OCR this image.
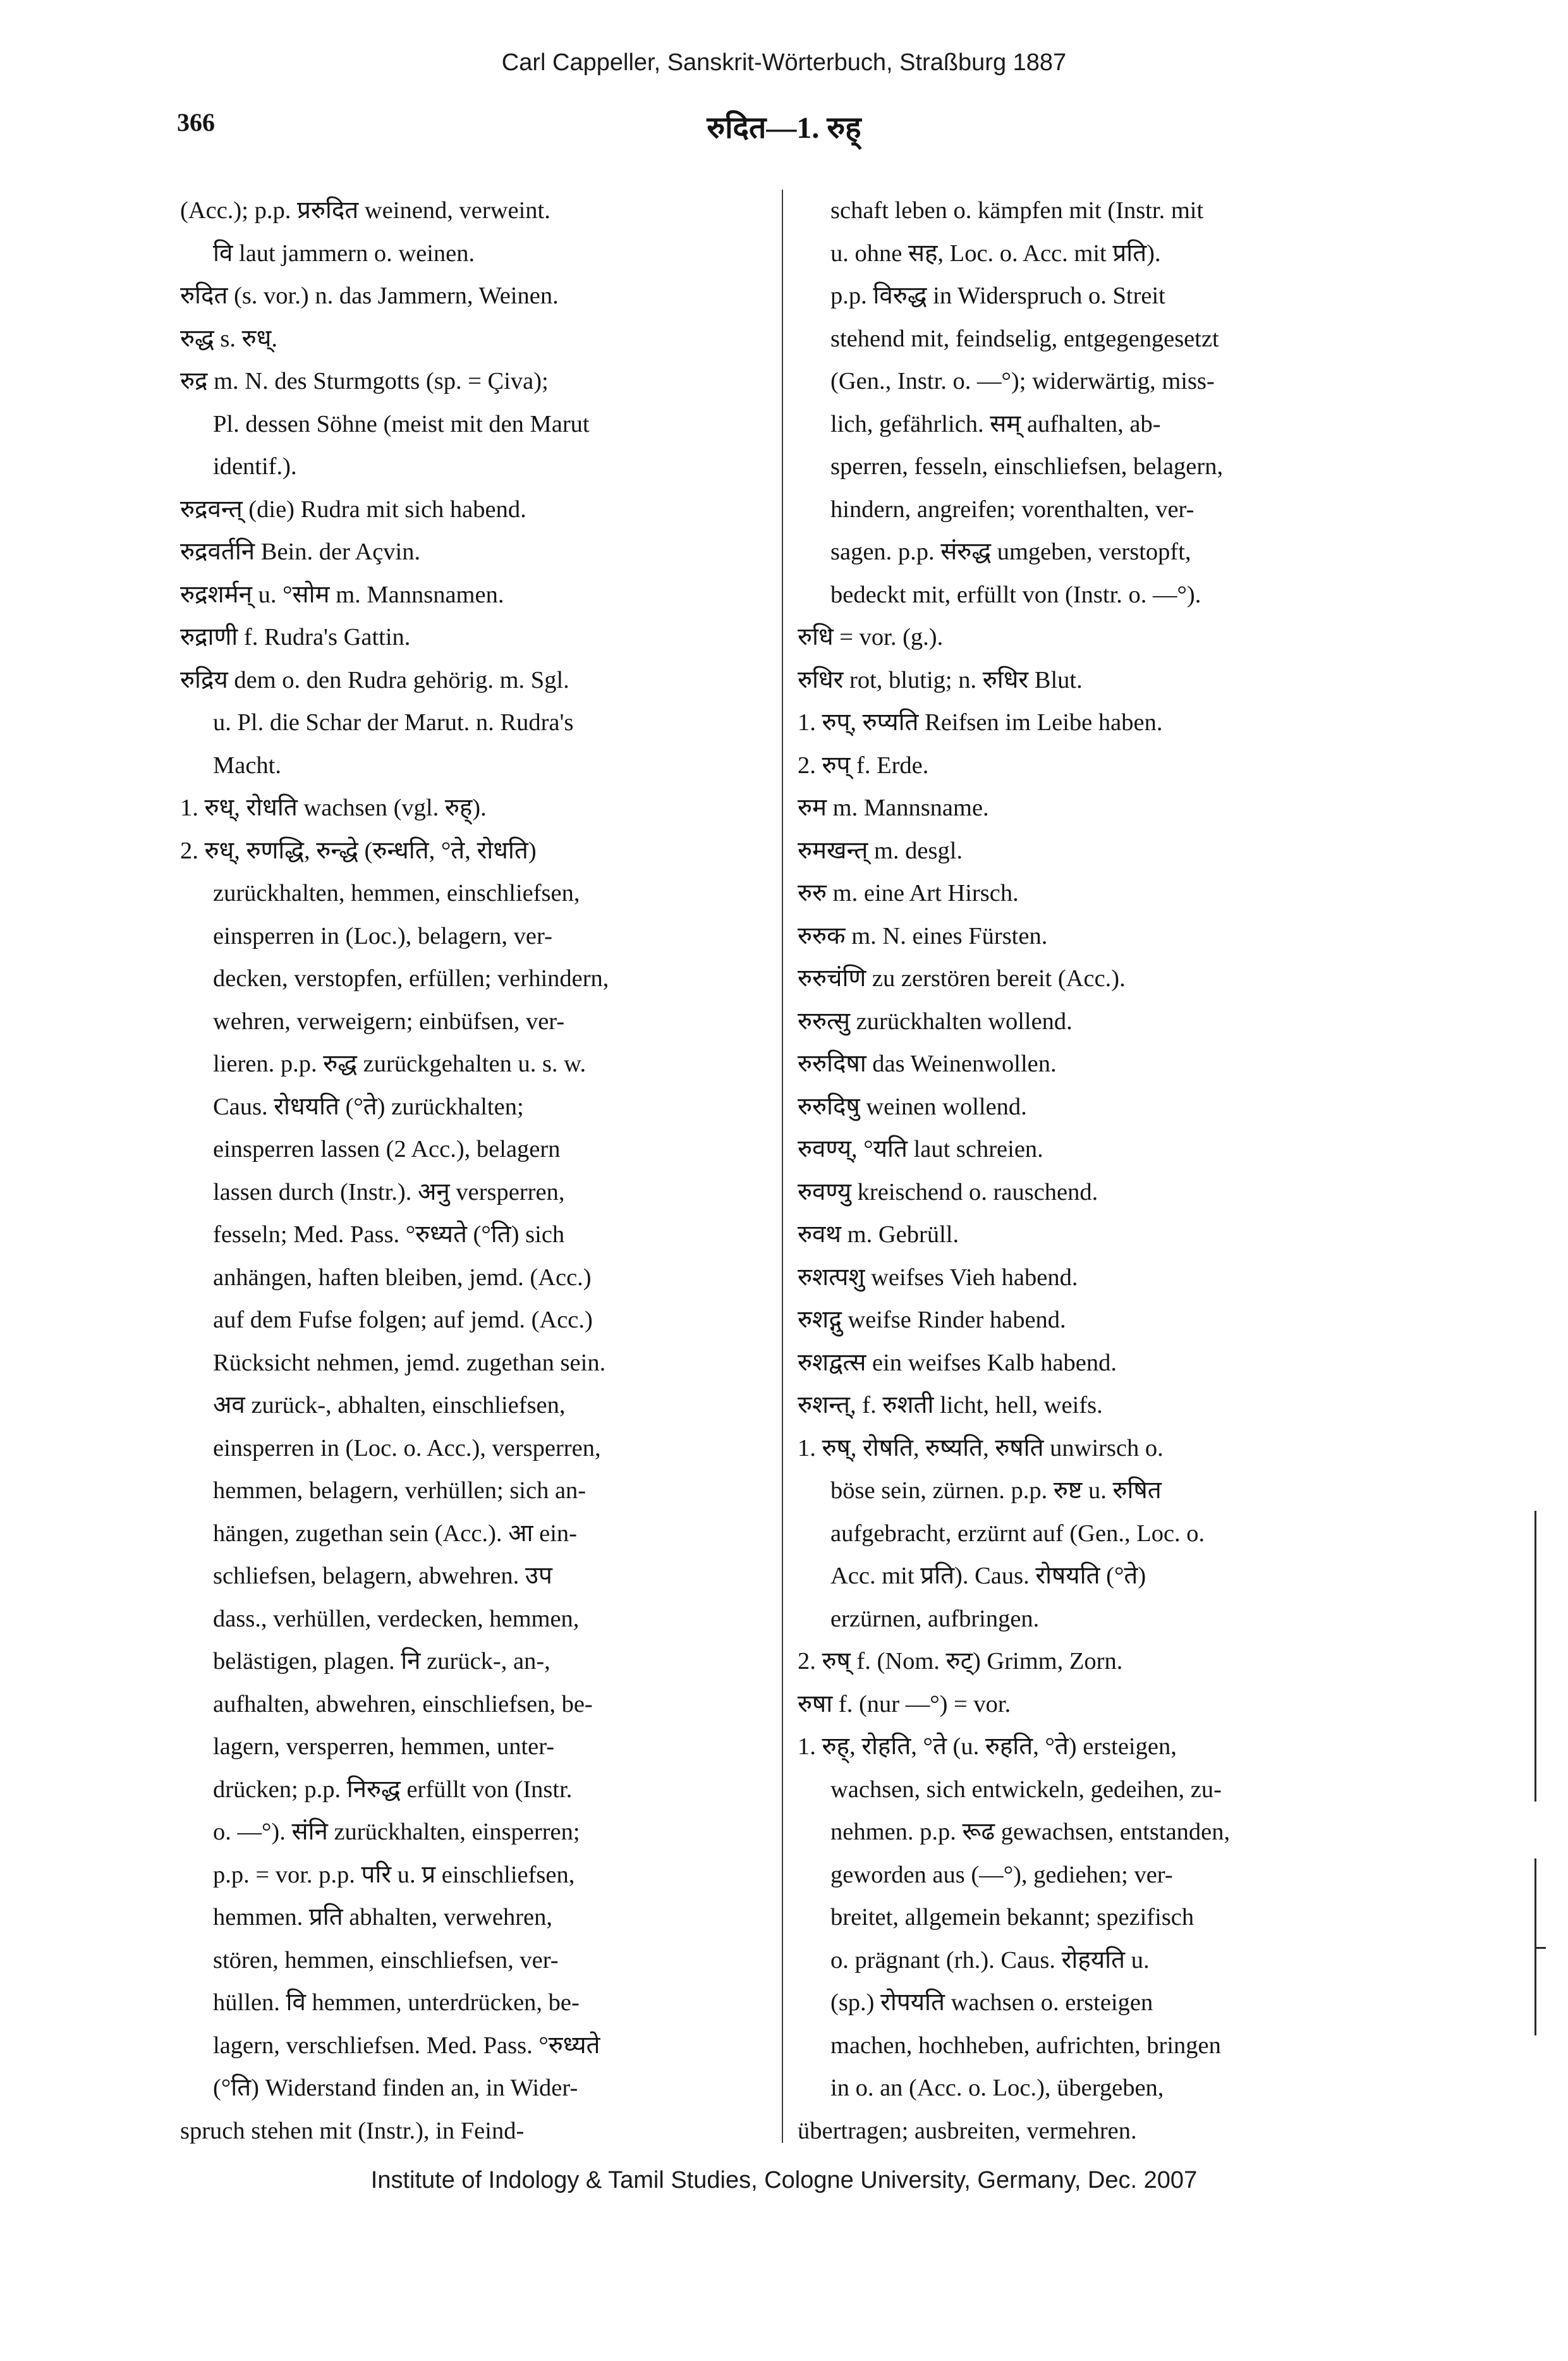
Carl Cappeller, Sanskrit-Wörterbuch, Straßburg 1887
366	रुदित—1. रुह्
(Acc.); p.p. प्ररुदित weinend, verweint.
वि laut jammern o. weinen.
रुदित (s. vor.) n. das Jammern, Weinen.
रुद्ध s. रुध्.
रुद्र m. N. des Sturmgotts (sp. = Çiva);
Pl. dessen Söhne (meist mit den Marut
identif.).
रुद्रवन्त् (die) Rudra mit sich habend.
रुद्रवर्तनि Bein. der Açvin.
रुद्रशर्मन् u. °सोम m. Mannsnamen.
रुद्राणी f. Rudra's Gattin.
रुद्रिय dem o. den Rudra gehörig. m. Sgl.
u. Pl. die Schar der Marut. n. Rudra's
Macht.
1. रुध्, रोधति wachsen (vgl. रुह्).
2. रुध्, रुणद्धि, रुन्द्धे (रुन्धति, °ते, रोधति)
zurückhalten, hemmen, einschliefsen,
einsperren in (Loc.), belagern, ver-
decken, verstopfen, erfüllen; verhindern,
wehren, verweigern; einbüfsen, ver-
lieren. p.p. रुद्ध zurückgehalten u. s. w.
Caus. रोधयति (°ते) zurückhalten;
einsperren lassen (2 Acc.), belagern
lassen durch (Instr.). अनु versperren,
fesseln; Med. Pass. °रुध्यते (°ति) sich
anhängen, haften bleiben, jemd. (Acc.)
auf dem Fufse folgen; auf jemd. (Acc.)
Rücksicht nehmen, jemd. zugethan sein.
अव zurück-, abhalten, einschliefsen,
einsperren in (Loc. o. Acc.), versperren,
hemmen, belagern, verhüllen; sich an-
hängen, zugethan sein (Acc.). आ ein-
schliefsen, belagern, abwehren. उप
dass., verhüllen, verdecken, hemmen,
belästigen, plagen. नि zurück-, an-,
aufhalten, abwehren, einschliefsen, be-
lagern, versperren, hemmen, unter-
drücken; p.p. निरुद्ध erfüllt von (Instr.
o. —°). संनि zurückhalten, einsperren;
p.p. = vor. p.p. परि u. प्र einschliefsen,
hemmen. प्रति abhalten, verwehren,
stören, hemmen, einschliefsen, ver-
hüllen. वि hemmen, unterdrücken, be-
lagern, verschliefsen. Med. Pass. °रुध्यते
(°ति) Widerstand finden an, in Wider-
spruch stehen mit (Instr.), in Feind-
schaft leben o. kämpfen mit (Instr. mit
u. ohne सह, Loc. o. Acc. mit प्रति).
p.p. विरुद्ध in Widerspruch o. Streit
stehend mit, feindselig, entgegengesetzt
(Gen., Instr. o. —°); widerwärtig, miss-
lich, gefährlich. सम् aufhalten, ab-
sperren, fesseln, einschliefsen, belagern,
hindern, angreifen; vorenthalten, ver-
sagen. p.p. संरुद्ध umgeben, verstopft,
bedeckt mit, erfüllt von (Instr. o. —°).
रुधि = vor. (g.).
रुधिर rot, blutig; n. रुधिर Blut.
1. रुप्, रुप्यति Reifsen im Leibe haben.
2. रुप् f. Erde.
रुम m. Mannsname.
रुमखन्त् m. desgl.
रुरु m. eine Art Hirsch.
रुरुक m. N. eines Fürsten.
रुरुचंणि zu zerstören bereit (Acc.).
रुरुत्सु zurückhalten wollend.
रुरुदिषा das Weinenwollen.
रुरुदिषु weinen wollend.
रुवण्य्, °यति laut schreien.
रुवण्यु kreischend o. rauschend.
रुवथ m. Gebrüll.
रुशत्पशु weifses Vieh habend.
रुशद्गु weifse Rinder habend.
रुशद्वत्स ein weifses Kalb habend.
रुशन्त्, f. रुशती licht, hell, weifs.
1. रुष्, रोषति, रुष्यति, रुषति unwirsch o.
böse sein, zürnen. p.p. रुष्ट u. रुषित
aufgebracht, erzürnt auf (Gen., Loc. o.
Acc. mit प्रति). Caus. रोषयति (°ते)
erzürnen, aufbringen.
2. रुष् f. (Nom. रुट्) Grimm, Zorn.
रुषा f. (nur —°) = vor.
1. रुह्, रोहति, °ते (u. रुहति, °ते) ersteigen,
wachsen, sich entwickeln, gedeihen, zu-
nehmen. p.p. रूढ gewachsen, entstanden,
geworden aus (—°), gediehen; ver-
breitet, allgemein bekannt; spezifisch
o. prägnant (rh.). Caus. रोहयति u.
(sp.) रोपयति wachsen o. ersteigen
machen, hochheben, aufrichten, bringen
in o. an (Acc. o. Loc.), übergeben,
übertragen; ausbreiten, vermehren.
Institute of Indology & Tamil Studies, Cologne University, Germany, Dec. 2007
